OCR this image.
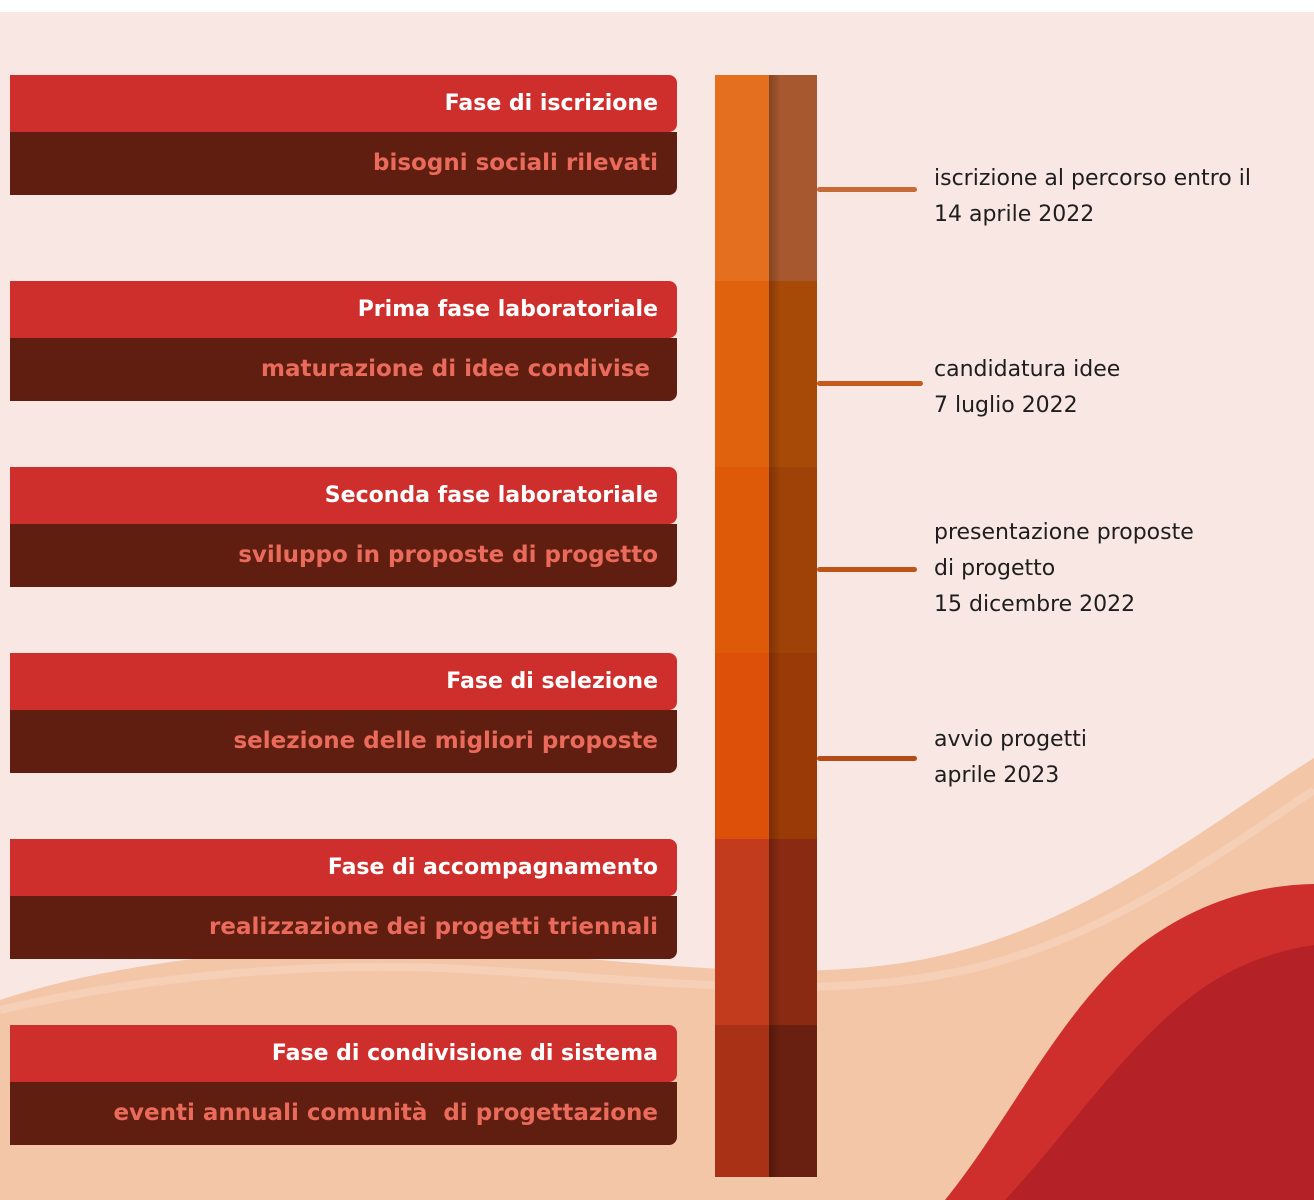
Fase di iscrizione
bisogni sociali rilevati
Prima fase laboratoriale
maturazione di idee condivise
Seconda fase laboratoriale
sviluppo in proposte di progetto
Fase di selezione
selezione delle migliori proposte
Fase di accompagnamento
realizzazione dei progetti triennali
Fase di condivisione di sistema
eventi annuali comunità  di progettazione
iscrizione al percorso entro il
14 aprile 2022
candidatura idee
7 luglio 2022
presentazione proposte
di progetto
15 dicembre 2022
avvio progetti
aprile 2023
